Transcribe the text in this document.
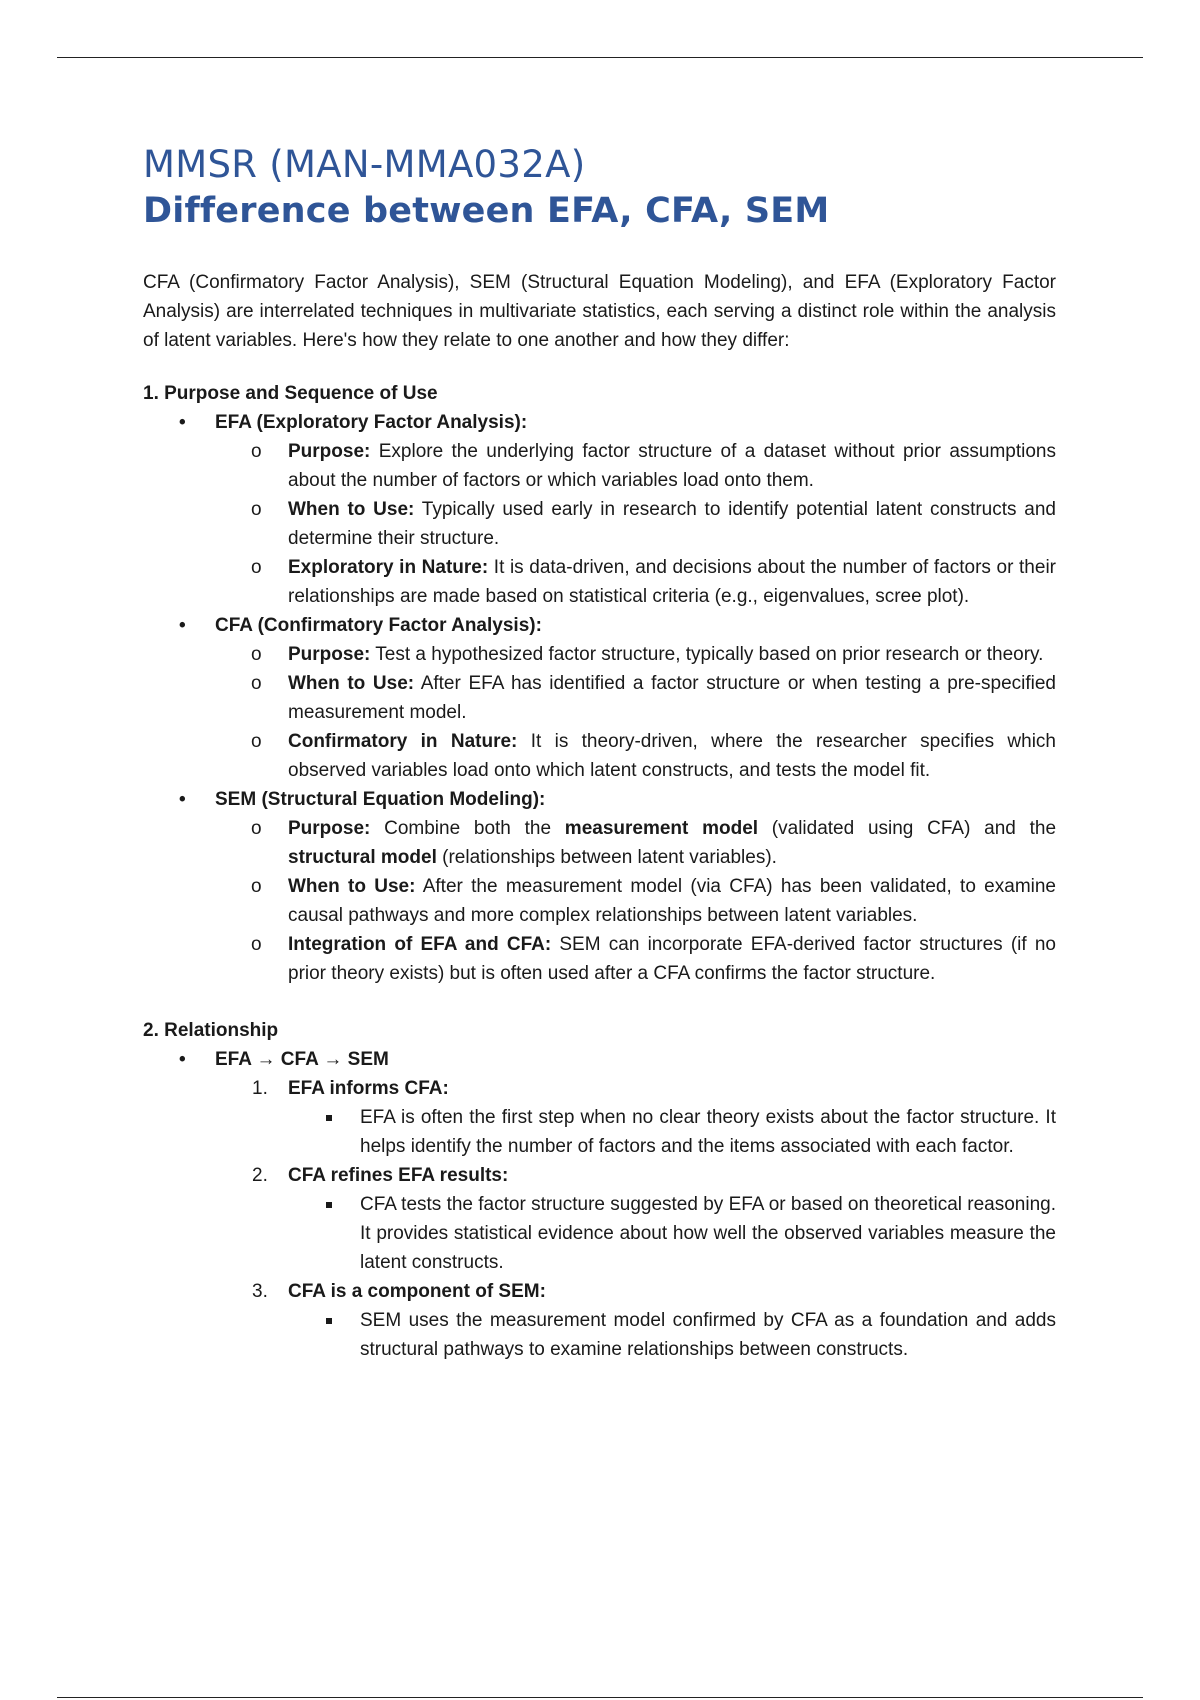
MMSR (MAN-MMA032A)
Difference between EFA, CFA, SEM

CFA (Confirmatory Factor Analysis), SEM (Structural Equation Modeling), and EFA (Exploratory Factor Analysis) are interrelated techniques in multivariate statistics, each serving a distinct role within the analysis of latent variables. Here's how they relate to one another and how they differ:

1. Purpose and Sequence of Use

• EFA (Exploratory Factor Analysis):
o Purpose: Explore the underlying factor structure of a dataset without prior assumptions about the number of factors or which variables load onto them.
o When to Use: Typically used early in research to identify potential latent constructs and determine their structure.
o Exploratory in Nature: It is data-driven, and decisions about the number of factors or their relationships are made based on statistical criteria (e.g., eigenvalues, scree plot).
• CFA (Confirmatory Factor Analysis):
o Purpose: Test a hypothesized factor structure, typically based on prior research or theory.
o When to Use: After EFA has identified a factor structure or when testing a pre-specified measurement model.
o Confirmatory in Nature: It is theory-driven, where the researcher specifies which observed variables load onto which latent constructs, and tests the model fit.
• SEM (Structural Equation Modeling):
o Purpose: Combine both the measurement model (validated using CFA) and the structural model (relationships between latent variables).
o When to Use: After the measurement model (via CFA) has been validated, to examine causal pathways and more complex relationships between latent variables.
o Integration of EFA and CFA: SEM can incorporate EFA-derived factor structures (if no prior theory exists) but is often used after a CFA confirms the factor structure.

2. Relationship

• EFA → CFA → SEM
1. EFA informs CFA:
EFA is often the first step when no clear theory exists about the factor structure. It helps identify the number of factors and the items associated with each factor.
2. CFA refines EFA results:
CFA tests the factor structure suggested by EFA or based on theoretical reasoning. It provides statistical evidence about how well the observed variables measure the latent constructs.
3. CFA is a component of SEM:
SEM uses the measurement model confirmed by CFA as a foundation and adds structural pathways to examine relationships between constructs.
